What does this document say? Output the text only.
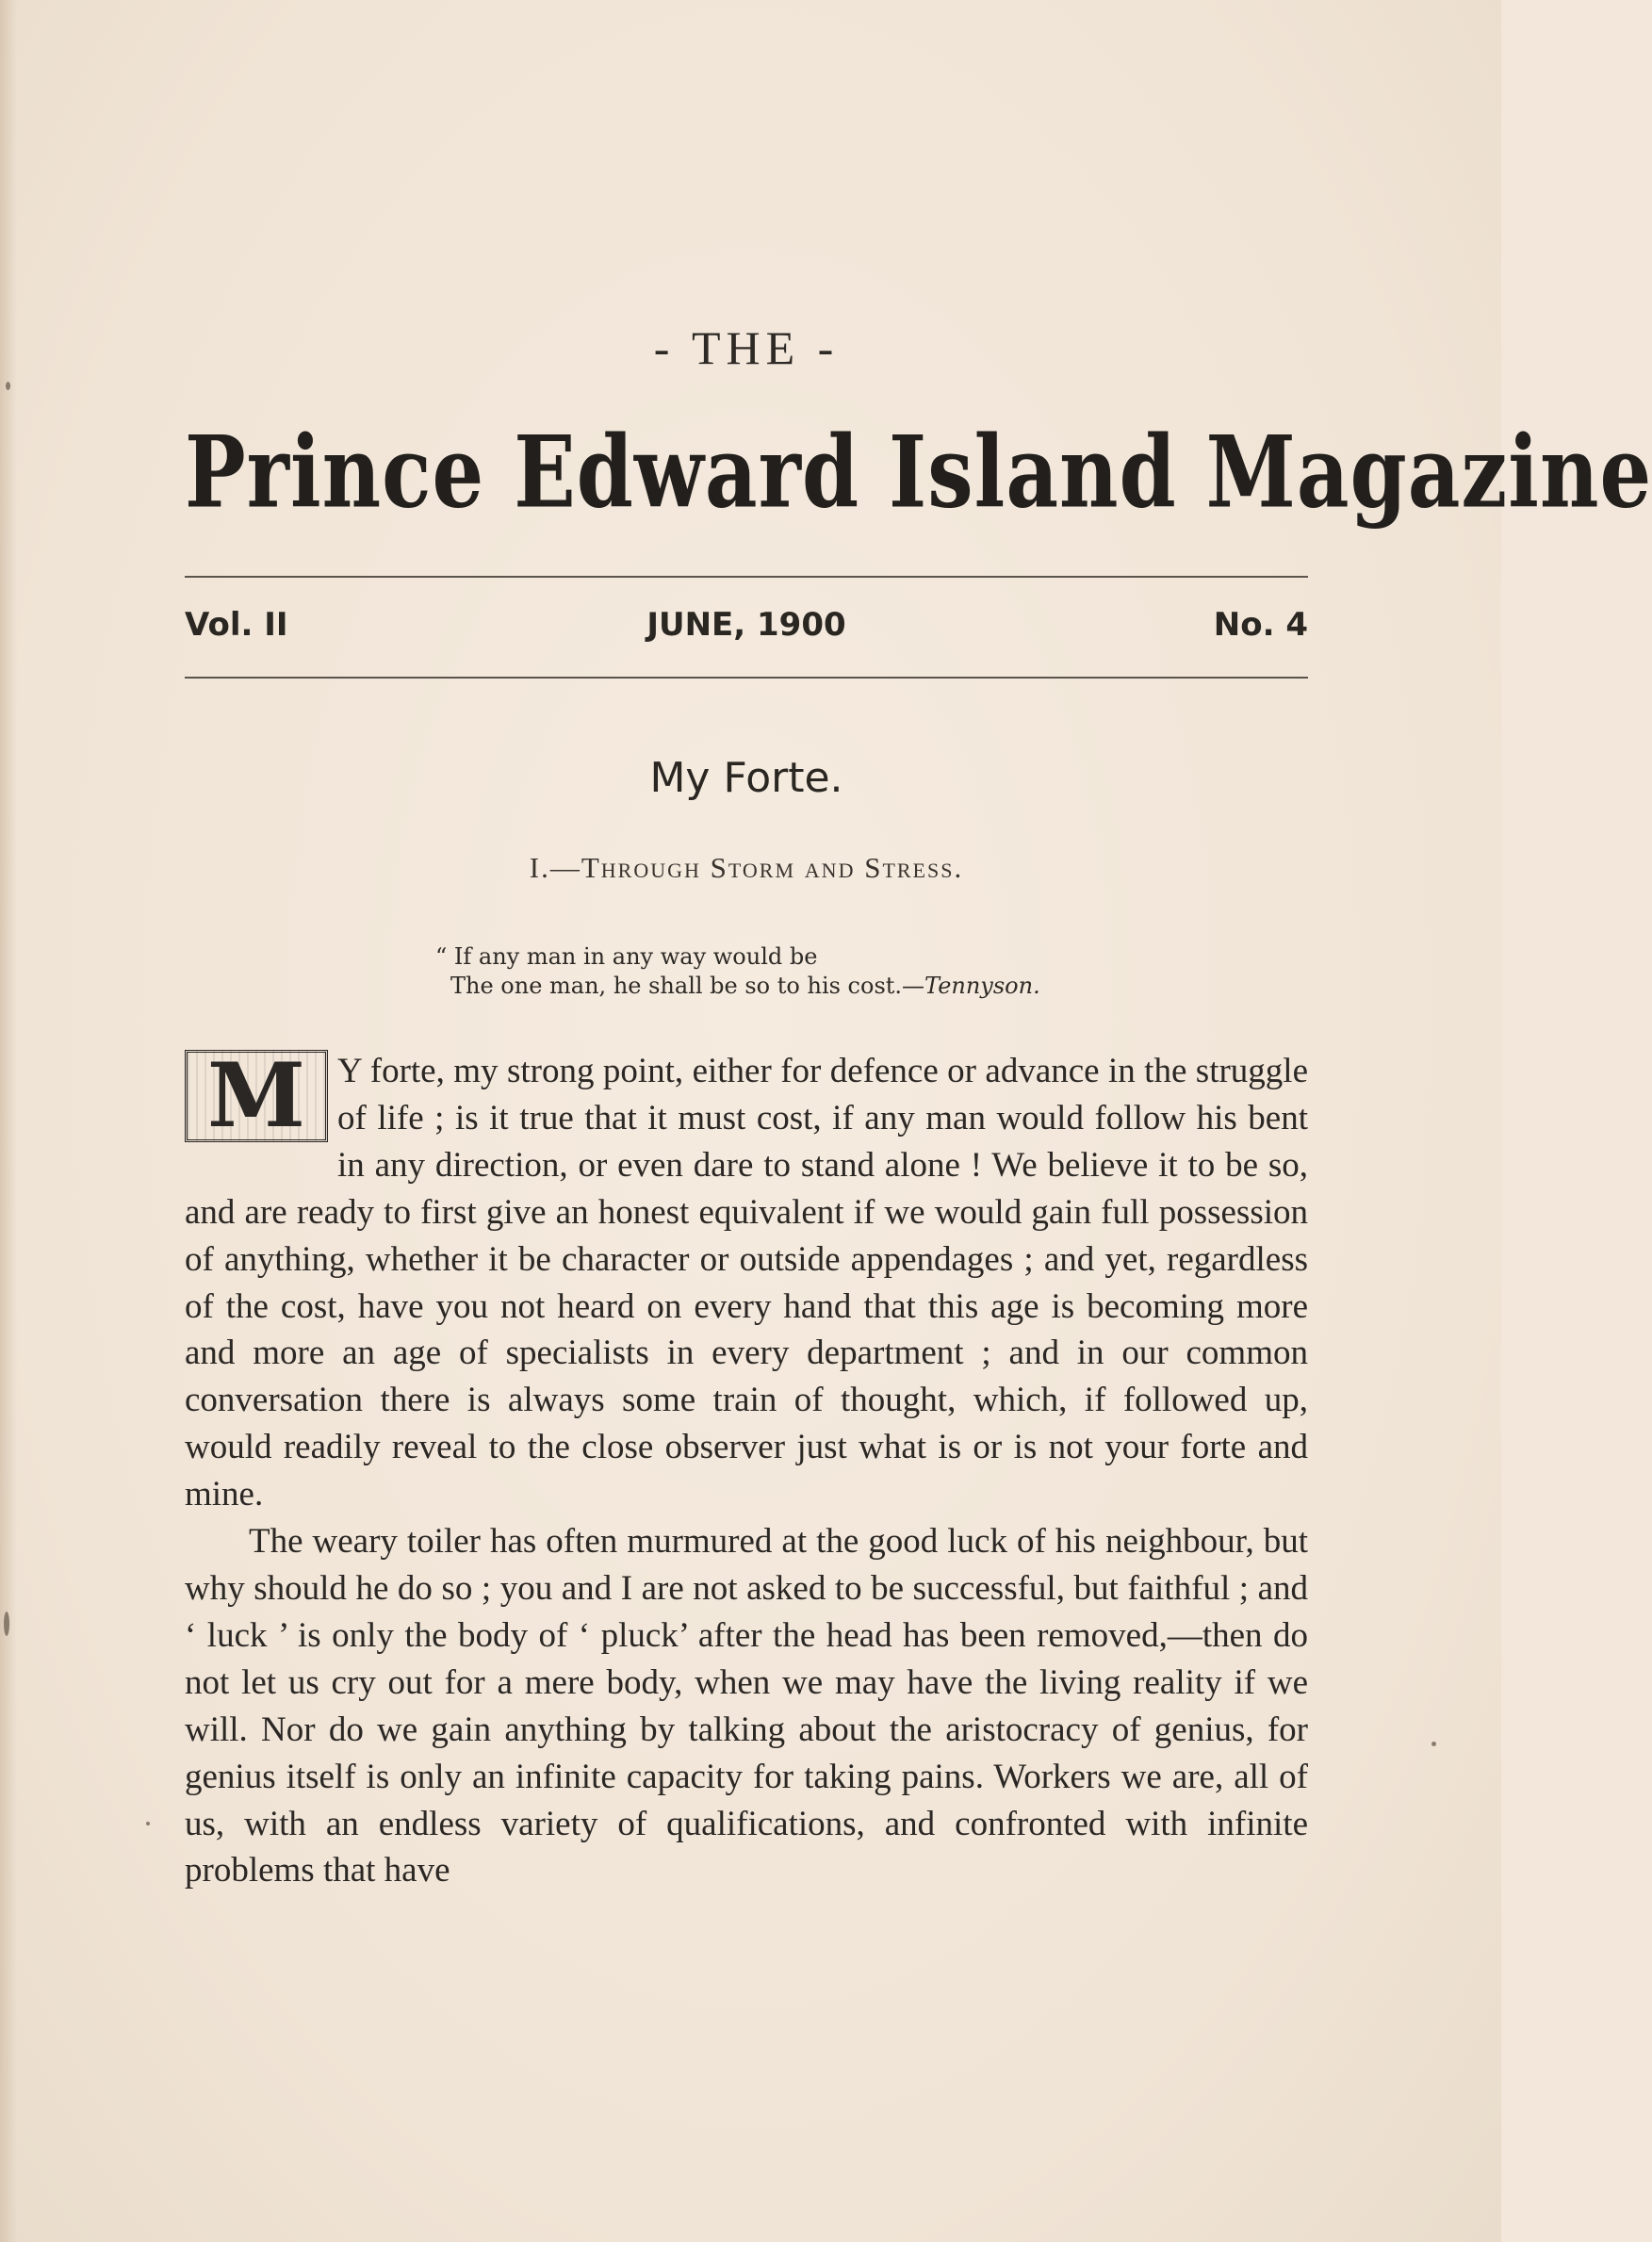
- THE -
Prince Edward Island Magazine
Vol. II	JUNE, 1900	No. 4
My Forte.
I.—Through Storm and Stress.
“ If any man in any way would be
The one man, he shall be so to his cost.—Tennyson.

M Y forte, my strong point, either for defence or advance in the struggle of life ; is it true that it must cost, if any man would follow his bent in any direction, or even dare to stand alone ! We believe it to be so, and are ready to first give an honest equivalent if we would gain full possession of anything, whether it be character or outside appendages ; and yet, regardless of the cost, have you not heard on every hand that this age is becoming more and more an age of specialists in every department ; and in our common conversation there is always some train of thought, which, if followed up, would readily reveal to the close observer just what is or is not your forte and mine.

The weary toiler has often murmured at the good luck of his neighbour, but why should he do so ; you and I are not asked to be successful, but faithful ; and ‘ luck ’ is only the body of ‘ pluck’ after the head has been removed,—then do not let us cry out for a mere body, when we may have the living reality if we will. Nor do we gain anything by talking about the aristocracy of genius, for genius itself is only an infinite capacity for taking pains. Workers we are, all of us, with an endless variety of qualifications, and confronted with infinite problems that have
